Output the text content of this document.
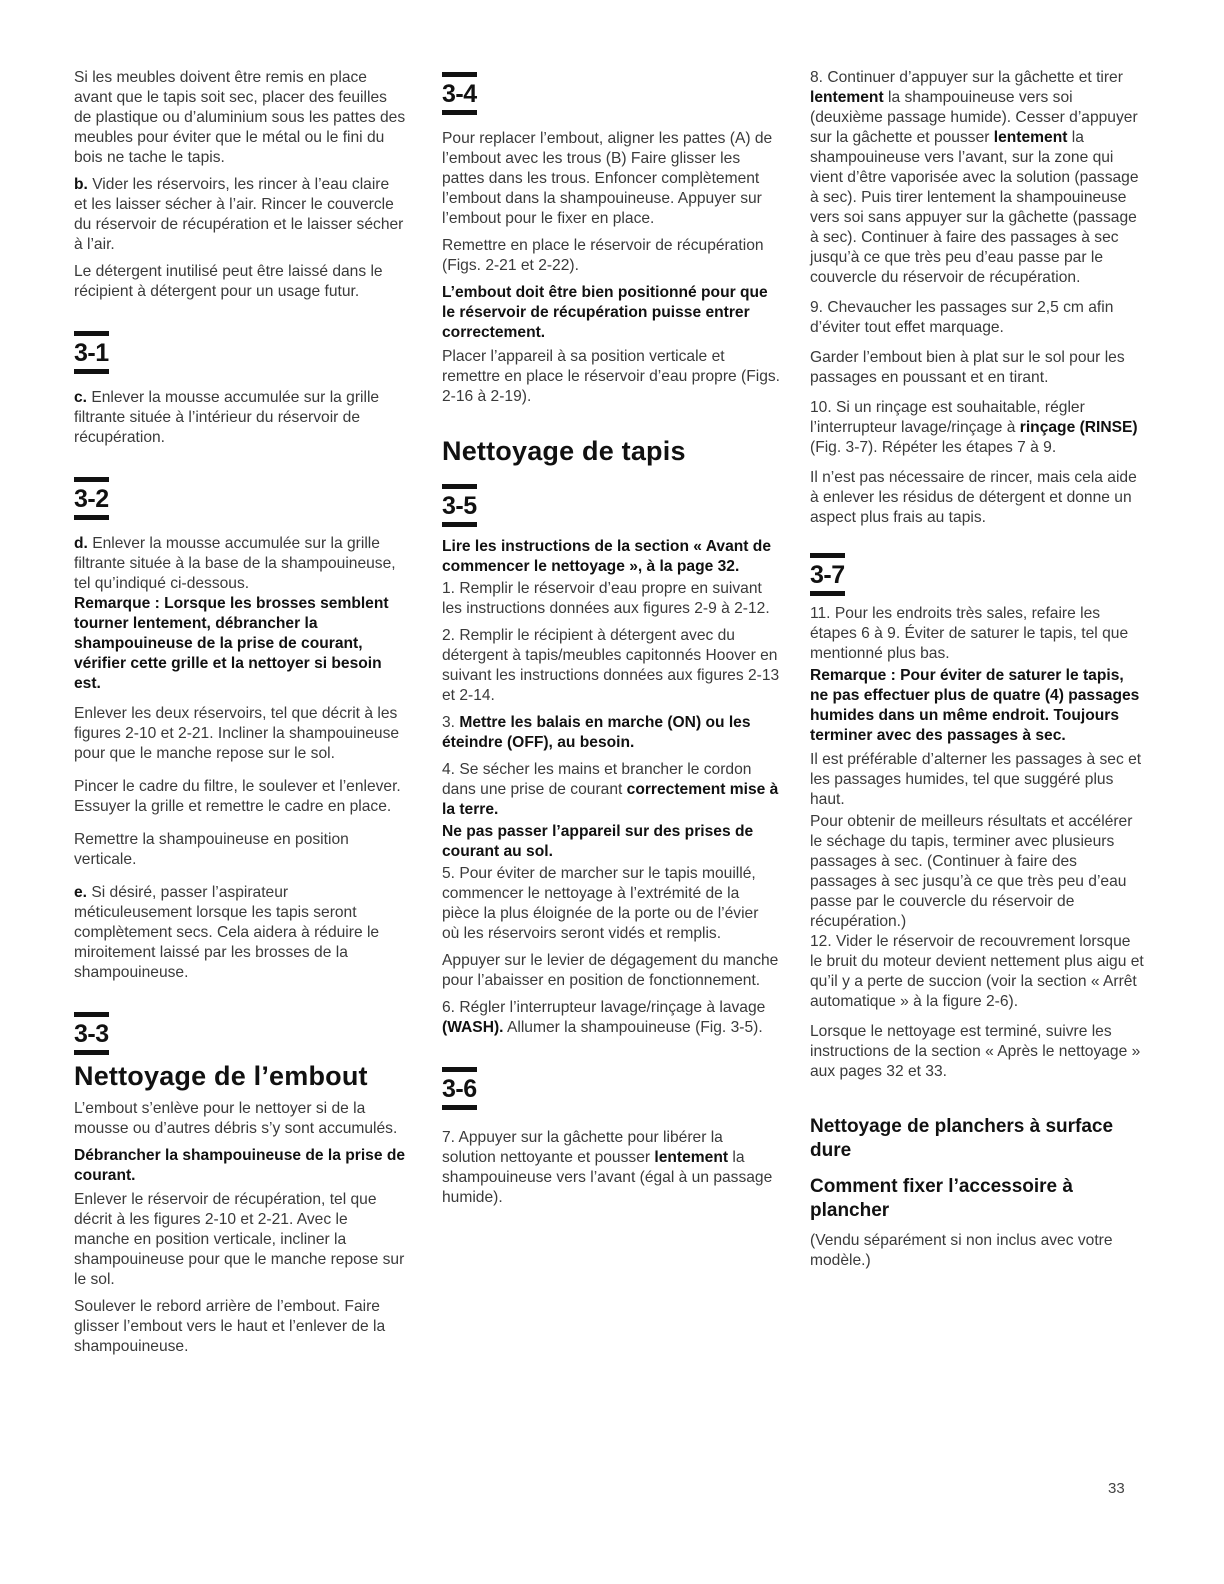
Si les meubles doivent être remis en place avant que le tapis soit sec, placer des feuilles de plastique ou d’aluminium sous les pattes des meubles pour éviter que le métal ou le fini du bois ne tache le tapis.

b. Vider les réservoirs, les rincer à l’eau claire et les laisser sécher à l’air. Rincer le couvercle du réservoir de récupération et le laisser sécher à l’air.

Le détergent inutilisé peut être laissé dans le récipient à détergent pour un usage futur.

3-1

c. Enlever la mousse accumulée sur la grille filtrante située à l’intérieur du réservoir de récupération.

3-2

d. Enlever la mousse accumulée sur la grille filtrante située à la base de la shampouineuse, tel qu’indiqué ci-dessous.

Remarque : Lorsque les brosses semblent tourner lentement, débrancher la shampouineuse de la prise de courant, vérifier cette grille et la nettoyer si besoin est.

Enlever les deux réservoirs, tel que décrit à les figures 2-10 et 2-21. Incliner la shampouineuse pour que le manche repose sur le sol.

Pincer le cadre du filtre, le soulever et l’enlever. Essuyer la grille et remettre le cadre en place.

Remettre la shampouineuse en position verticale.

e. Si désiré, passer l’aspirateur méticuleusement lorsque les tapis seront complètement secs. Cela aidera à réduire le miroitement laissé par les brosses de la shampouineuse.

3-3
Nettoyage de l’embout

L’embout s’enlève pour le nettoyer si de la mousse ou d’autres débris s’y sont accumulés.

Débrancher la shampouineuse de la prise de courant.

Enlever le réservoir de récupération, tel que décrit à les figures 2-10 et 2-21. Avec le manche en position verticale, incliner la shampouineuse pour que le manche repose sur le sol.

Soulever le rebord arrière de l’embout. Faire glisser l’embout vers le haut et l’enlever de la shampouineuse.

3-4

Pour replacer l’embout, aligner les pattes (A) de l’embout avec les trous (B) Faire glisser les pattes dans les trous. Enfoncer complètement l’embout dans la shampouineuse. Appuyer sur l’embout pour le fixer en place.

Remettre en place le réservoir de récupération (Figs. 2-21 et 2-22).

L’embout doit être bien positionné pour que le réservoir de récupération puisse entrer correctement.

Placer l’appareil à sa position verticale et remettre en place le réservoir d’eau propre (Figs. 2-16 à 2-19).

Nettoyage de tapis
3-5

Lire les instructions de la section « Avant de commencer le nettoyage », à la page 32.

1. Remplir le réservoir d’eau propre en suivant les instructions données aux figures 2-9 à 2-12.

2. Remplir le récipient à détergent avec du détergent à tapis/meubles capitonnés Hoover en suivant les instructions données aux figures 2-13 et 2-14.

3. Mettre les balais en marche (ON) ou les éteindre (OFF), au besoin.

4. Se sécher les mains et brancher le cordon dans une prise de courant correctement mise à la terre.

Ne pas passer l’appareil sur des prises de courant au sol.

5. Pour éviter de marcher sur le tapis mouillé, commencer le nettoyage à l’extrémité de la pièce la plus éloignée de la porte ou de l’évier où les réservoirs seront vidés et remplis.

Appuyer sur le levier de dégagement du manche pour l’abaisser en position de fonctionnement.

6. Régler l’interrupteur lavage/rinçage à lavage (WASH). Allumer la shampouineuse (Fig. 3-5).

3-6

7. Appuyer sur la gâchette pour libérer la solution nettoyante et pousser lentement la shampouineuse vers l’avant (égal à un passage humide).

8. Continuer d’appuyer sur la gâchette et tirer lentement la shampouineuse vers soi (deuxième passage humide). Cesser d’appuyer sur la gâchette et pousser lentement la shampouineuse vers l’avant, sur la zone qui vient d’être vaporisée avec la solution (passage à sec). Puis tirer lentement la shampouineuse vers soi sans appuyer sur la gâchette (passage à sec). Continuer à faire des passages à sec jusqu’à ce que très peu d’eau passe par le couvercle du réservoir de récupération.

9. Chevaucher les passages sur 2,5 cm afin d’éviter tout effet marquage.

Garder l’embout bien à plat sur le sol pour les passages en poussant et en tirant.

10. Si un rinçage est souhaitable, régler l’interrupteur lavage/rinçage à rinçage (RINSE) (Fig. 3-7). Répéter les étapes 7 à 9.

Il n’est pas nécessaire de rincer, mais cela aide à enlever les résidus de détergent et donne un aspect plus frais au tapis.

3-7

11. Pour les endroits très sales, refaire les étapes 6 à 9. Éviter de saturer le tapis, tel que mentionné plus bas.

Remarque : Pour éviter de saturer le tapis, ne pas effectuer plus de quatre (4) passages humides dans un même endroit. Toujours terminer avec des passages à sec.

Il est préférable d’alterner les passages à sec et les passages humides, tel que suggéré plus haut.

Pour obtenir de meilleurs résultats et accélérer le séchage du tapis, terminer avec plusieurs passages à sec. (Continuer à faire des passages à sec jusqu’à ce que très peu d’eau passe par le couvercle du réservoir de récupération.)

12. Vider le réservoir de recouvrement lorsque le bruit du moteur devient nettement plus aigu et qu’il y a perte de succion (voir la section « Arrêt automatique » à la figure 2-6).

Lorsque le nettoyage est terminé, suivre les instructions de la section « Après le nettoyage » aux pages 32 et 33.

Nettoyage de planchers à surface dure
Comment fixer l’accessoire à plancher

(Vendu séparément si non inclus avec votre modèle.)

33
